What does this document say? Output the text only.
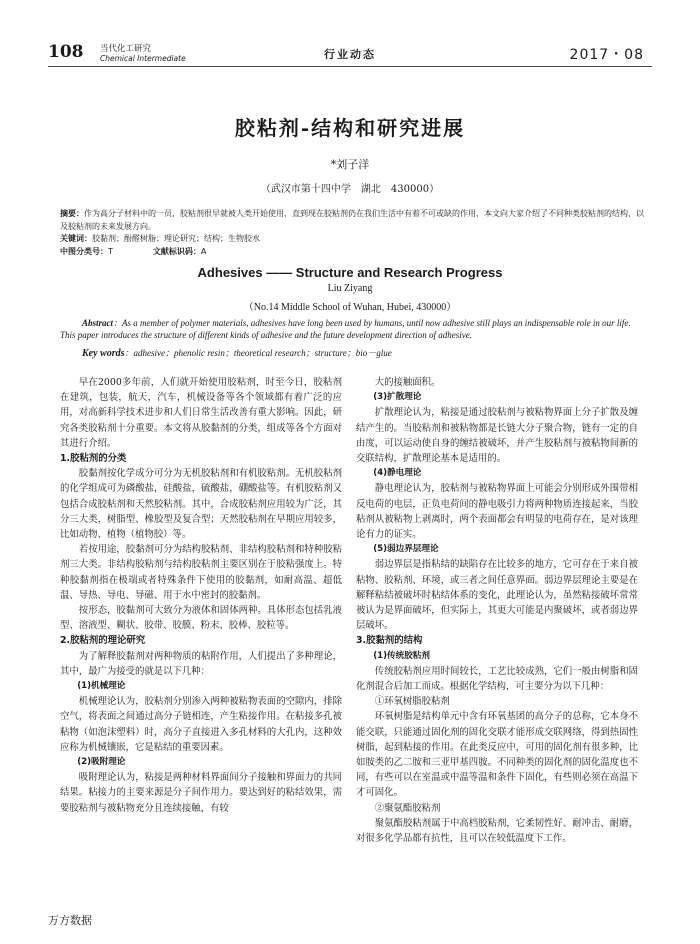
108 当代化工研究
Chemical Intermediate	行业动态	2017・08
胶粘剂-结构和研究进展
*刘子洋
（武汉市第十四中学　湖北　430000）
摘要：作为高分子材料中的一员，胶粘剂很早就被人类开始使用，直到现在胶粘剂仍在我们生活中有着不可或缺的作用，本文向大家介绍了不同种类胶粘剂的结构，以及胶粘剂的未来发展方向。
关键词：胶黏剂；酚醛树脂；理论研究；结构；生物胶水
中图分类号：T	文献标识码：A
Adhesives —— Structure and Research Progress
Liu Ziyang
（No.14 Middle School of Wuhan, Hubei, 430000）
Abstract：As a member of polymer materials, adhesives have long been used by humans, until now adhesive still plays an indispensable role in our life. This paper introduces the structure of different kinds of adhesive and the future development direction of adhesive.
Key words：adhesive；phenolic resin；theoretical research；structure；bio－glue

早在2000多年前，人们就开始使用胶粘剂，时至今日，胶粘剂在建筑，包装，航天，汽车，机械设备等各个领域都有着广泛的应用，对高新科学技术进步和人们日常生活改善有重大影响。因此，研究各类胶粘剂十分重要。本文将从胶黏剂的分类，组成等各个方面对其进行介绍。

1.胶粘剂的分类

胶黏剂按化学成分可分为无机胶粘剂和有机胶粘剂。无机胶粘剂的化学组成可为磷酸盐，硅酸盐，硫酸盐，硼酸盐等。有机胶粘剂又包括合成胶粘剂和天然胶粘剂。其中，合成胶粘剂应用较为广泛，其分三大类，树脂型、橡胶型及复合型；天然胶粘剂在早期应用较多，比如动物、植物（植物胶）等。

若按用途，胶黏剂可分为结构胶粘剂、非结构胶粘剂和特种胶粘剂三大类。非结构胶粘剂与结构胶粘剂主要区别在于胶粘强度上。特种胶黏剂指在极端或者特殊条件下使用的胶黏剂，如耐高温、超低温、导热、导电、导磁、用于水中密封的胶黏剂。

按形态，胶黏剂可大致分为液体和固体两种。具体形态包括乳液型、溶液型、糊状、胶带、胶膜、粉末、胶棒、胶粒等。

2.胶粘剂的理论研究

为了解释胶黏剂对两种物质的粘附作用，人们提出了多种理论，其中，最广为接受的就是以下几种：

(1)机械理论

机械理论认为，胶粘剂分别渗入两种被粘物表面的空隙内，排除空气，将表面之间通过高分子链相连，产生粘接作用。在粘接多孔被粘物（如泡沫塑料）时，高分子直接进入多孔材料的大孔内，这种效应称为机械镶嵌，它是粘结的重要因素。

(2)吸附理论

吸附理论认为，粘接是两种材料界面间分子接触和界面力的共同结果。粘接力的主要来源是分子间作用力。要达到好的粘结效果，需要胶粘剂与被粘物充分且连续接触，有较

大的接触面积。

(3)扩散理论

扩散理论认为，粘接是通过胶粘剂与被粘物界面上分子扩散及缠结产生的。当胶粘剂和被粘物都是长链大分子聚合物，链有一定的自由度，可以运动使自身的缠结被破坏，并产生胶粘剂与被粘物间新的交联结构，扩散理论基本是适用的。

(4)静电理论

静电理论认为，胶粘剂与被粘物界面上可能会分别形成外围带相反电荷的电层，正负电荷间的静电吸引力将两种物质连接起来，当胶粘剂从被粘物上剥离时，两个表面都会有明显的电荷存在，是对该理论有力的证实。

(5)弱边界层理论

弱边界层是指粘结的缺陷存在比较多的地方，它可存在于来自被粘物、胶粘剂、环境，或三者之间任意界面。弱边界层理论主要是在解释粘结被破坏时粘结体系的变化，此理论认为，虽然粘接破坏常常被认为是界面破坏，但实际上，其更大可能是内聚破坏，或者弱边界层破坏。

3.胶黏剂的结构
(1)传统胶粘剂

传统胶粘剂应用时间较长，工艺比较成熟，它们一般由树脂和固化剂混合后加工而成。根据化学结构，可主要分为以下几种：

①环氧树脂胶粘剂

环氧树脂是结构单元中含有环氧基团的高分子的总称，它本身不能交联，只能通过固化剂的固化交联才能形成交联网络，得到热固性树脂，起到粘接的作用。在此类反应中，可用的固化剂有很多种，比如胺类的乙二胺和三亚甲基四胺。不同种类的固化剂的固化温度也不同，有些可以在室温或中温等温和条件下固化，有些则必须在高温下才可固化。

②聚氨酯胶粘剂

聚氨酯胶粘剂属于中高档胶粘剂，它柔韧性好、耐冲击、耐磨，对很多化学品都有抗性，且可以在较低温度下工作。

万方数据
